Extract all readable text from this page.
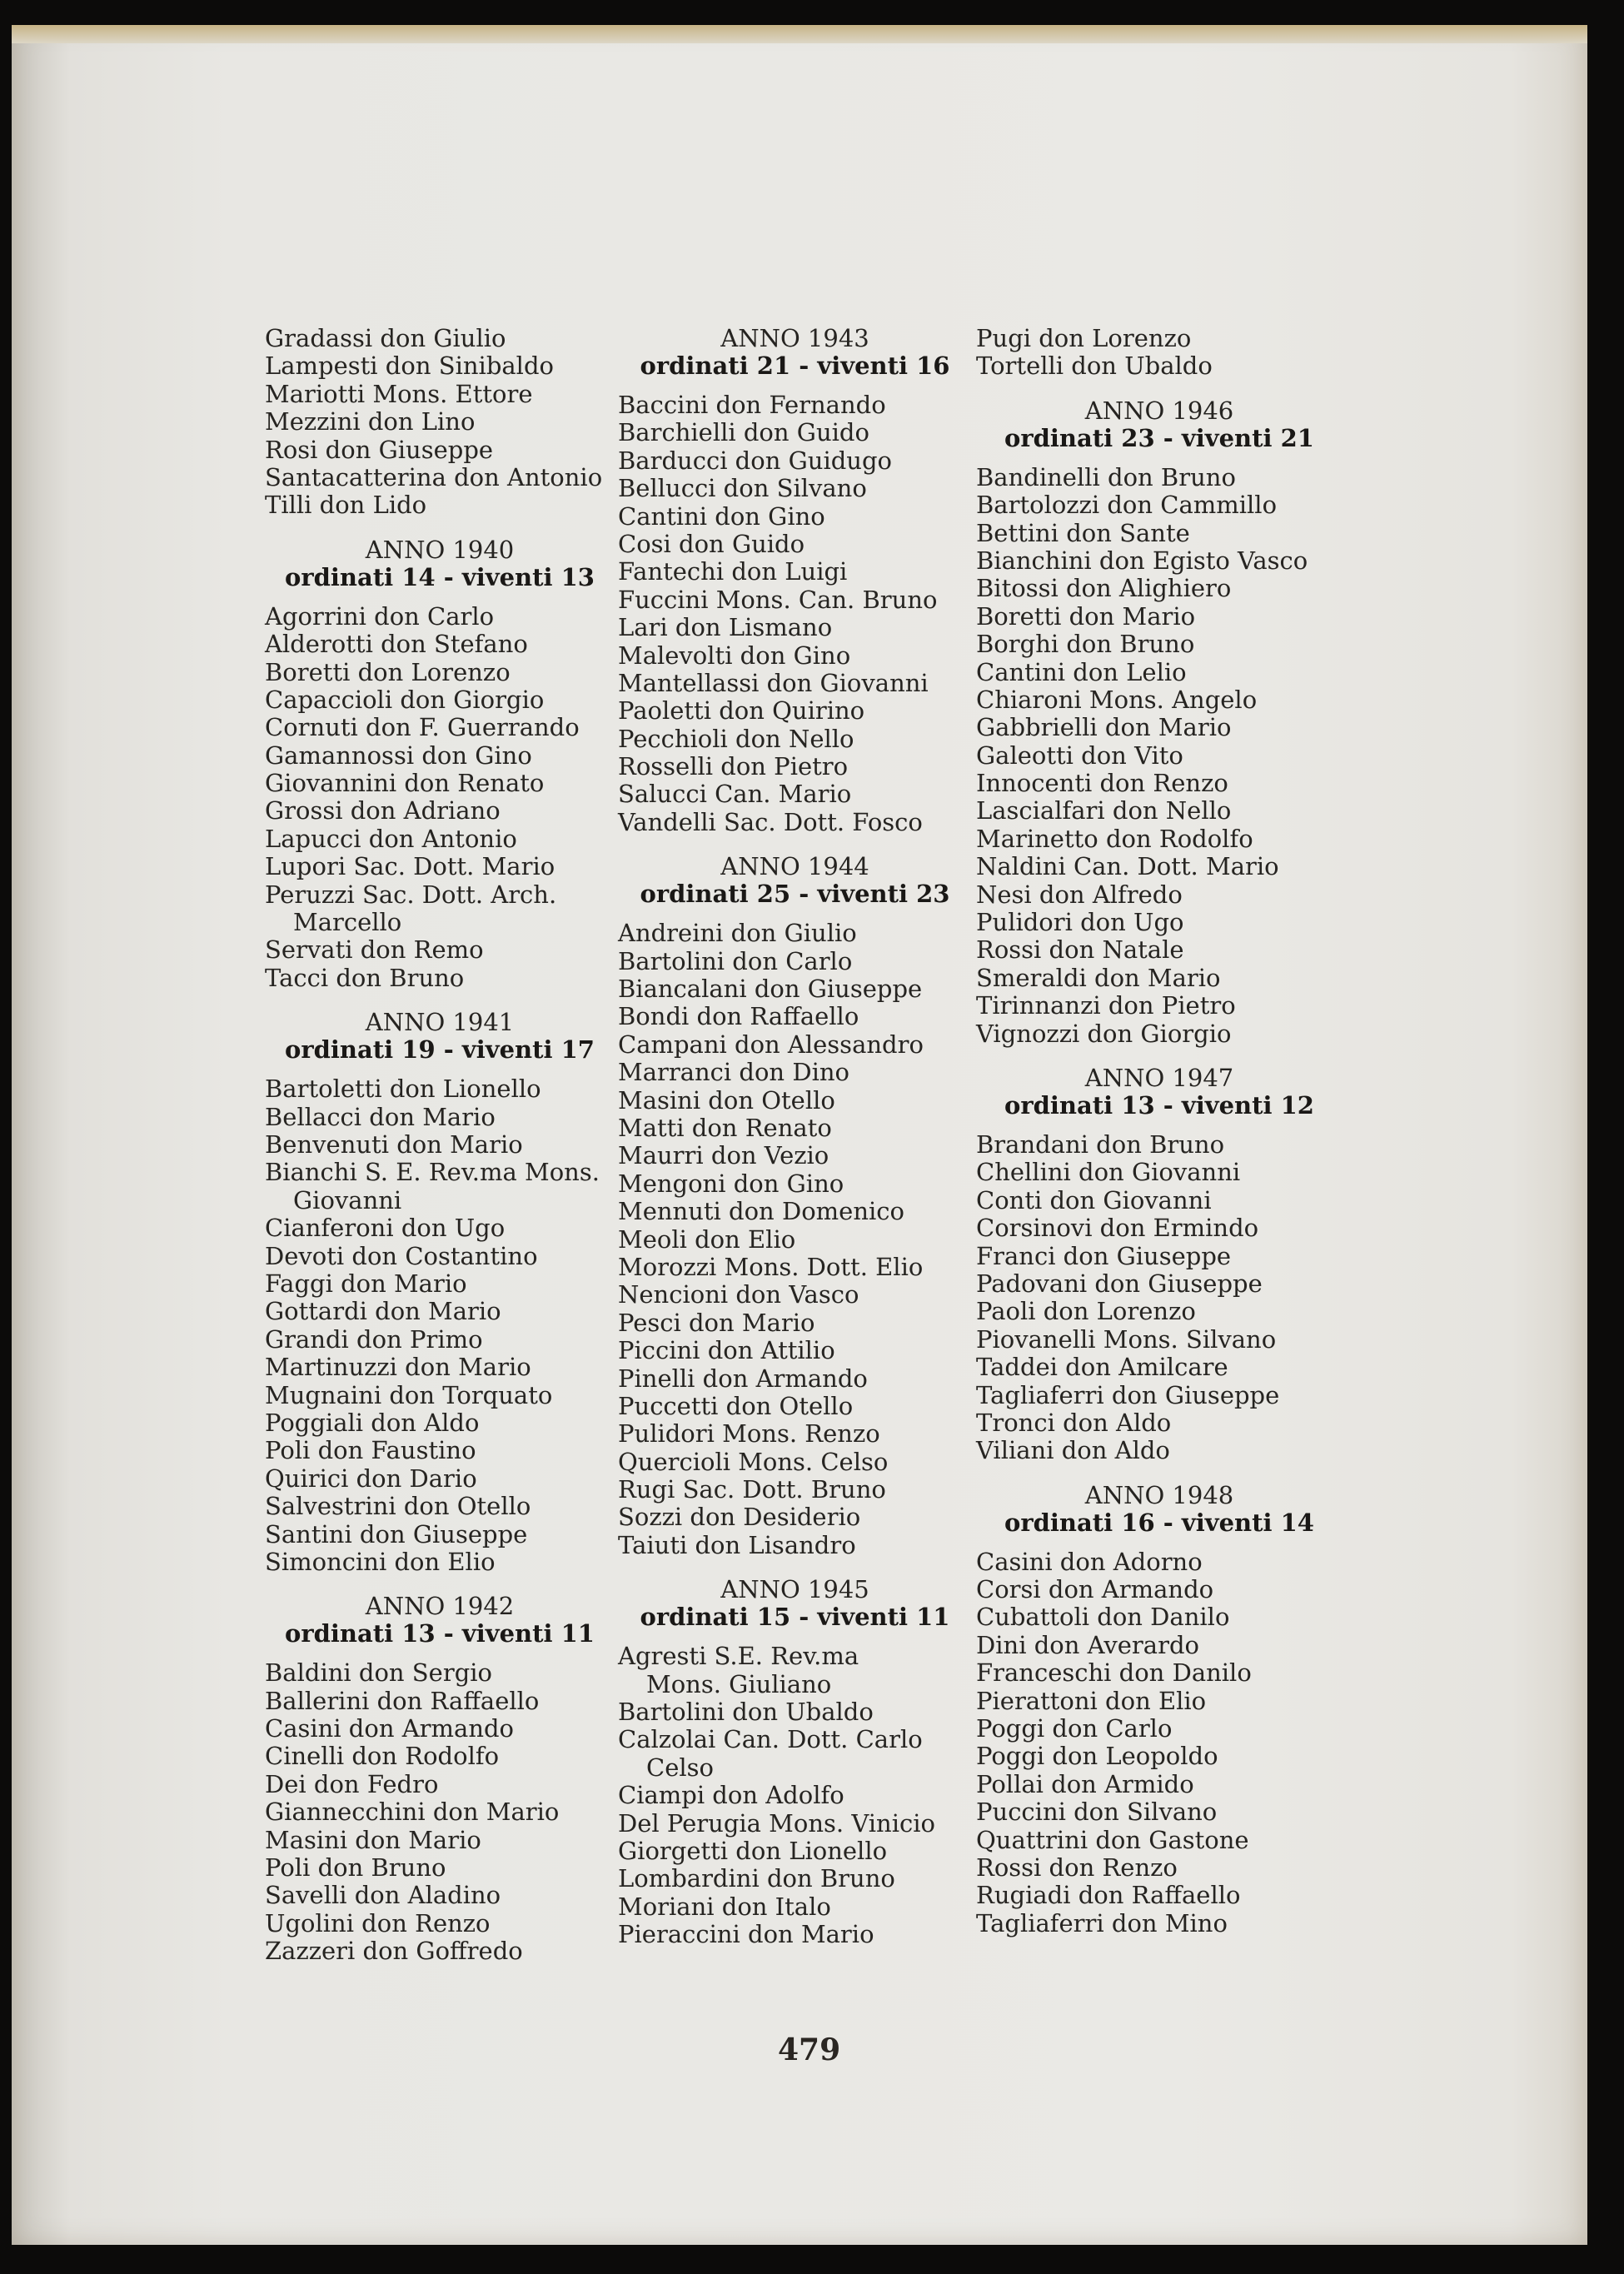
Gradassi don Giulio
Lampesti don Sinibaldo
Mariotti Mons. Ettore
Mezzini don Lino
Rosi don Giuseppe
Santacatterina don Antonio
Tilli don Lido
ANNO 1940
ordinati 14 - viventi 13
Agorrini don Carlo
Alderotti don Stefano
Boretti don Lorenzo
Capaccioli don Giorgio
Cornuti don F. Guerrando
Gamannossi don Gino
Giovannini don Renato
Grossi don Adriano
Lapucci don Antonio
Lupori Sac. Dott. Mario
Peruzzi Sac. Dott. Arch.
Marcello
Servati don Remo
Tacci don Bruno
ANNO 1941
ordinati 19 - viventi 17
Bartoletti don Lionello
Bellacci don Mario
Benvenuti don Mario
Bianchi S. E. Rev.ma Mons.
Giovanni
Cianferoni don Ugo
Devoti don Costantino
Faggi don Mario
Gottardi don Mario
Grandi don Primo
Martinuzzi don Mario
Mugnaini don Torquato
Poggiali don Aldo
Poli don Faustino
Quirici don Dario
Salvestrini don Otello
Santini don Giuseppe
Simoncini don Elio
ANNO 1942
ordinati 13 - viventi 11
Baldini don Sergio
Ballerini don Raffaello
Casini don Armando
Cinelli don Rodolfo
Dei don Fedro
Giannecchini don Mario
Masini don Mario
Poli don Bruno
Savelli don Aladino
Ugolini don Renzo
Zazzeri don Goffredo
ANNO 1943
ordinati 21 - viventi 16
Baccini don Fernando
Barchielli don Guido
Barducci don Guidugo
Bellucci don Silvano
Cantini don Gino
Cosi don Guido
Fantechi don Luigi
Fuccini Mons. Can. Bruno
Lari don Lismano
Malevolti don Gino
Mantellassi don Giovanni
Paoletti don Quirino
Pecchioli don Nello
Rosselli don Pietro
Salucci Can. Mario
Vandelli Sac. Dott. Fosco
ANNO 1944
ordinati 25 - viventi 23
Andreini don Giulio
Bartolini don Carlo
Biancalani don Giuseppe
Bondi don Raffaello
Campani don Alessandro
Marranci don Dino
Masini don Otello
Matti don Renato
Maurri don Vezio
Mengoni don Gino
Mennuti don Domenico
Meoli don Elio
Morozzi Mons. Dott. Elio
Nencioni don Vasco
Pesci don Mario
Piccini don Attilio
Pinelli don Armando
Puccetti don Otello
Pulidori Mons. Renzo
Quercioli Mons. Celso
Rugi Sac. Dott. Bruno
Sozzi don Desiderio
Taiuti don Lisandro
ANNO 1945
ordinati 15 - viventi 11
Agresti S.E. Rev.ma
Mons. Giuliano
Bartolini don Ubaldo
Calzolai Can. Dott. Carlo
Celso
Ciampi don Adolfo
Del Perugia Mons. Vinicio
Giorgetti don Lionello
Lombardini don Bruno
Moriani don Italo
Pieraccini don Mario
Pugi don Lorenzo
Tortelli don Ubaldo
ANNO 1946
ordinati 23 - viventi 21
Bandinelli don Bruno
Bartolozzi don Cammillo
Bettini don Sante
Bianchini don Egisto Vasco
Bitossi don Alighiero
Boretti don Mario
Borghi don Bruno
Cantini don Lelio
Chiaroni Mons. Angelo
Gabbrielli don Mario
Galeotti don Vito
Innocenti don Renzo
Lascialfari don Nello
Marinetto don Rodolfo
Naldini Can. Dott. Mario
Nesi don Alfredo
Pulidori don Ugo
Rossi don Natale
Smeraldi don Mario
Tirinnanzi don Pietro
Vignozzi don Giorgio
ANNO 1947
ordinati 13 - viventi 12
Brandani don Bruno
Chellini don Giovanni
Conti don Giovanni
Corsinovi don Ermindo
Franci don Giuseppe
Padovani don Giuseppe
Paoli don Lorenzo
Piovanelli Mons. Silvano
Taddei don Amilcare
Tagliaferri don Giuseppe
Tronci don Aldo
Viliani don Aldo
ANNO 1948
ordinati 16 - viventi 14
Casini don Adorno
Corsi don Armando
Cubattoli don Danilo
Dini don Averardo
Franceschi don Danilo
Pierattoni don Elio
Poggi don Carlo
Poggi don Leopoldo
Pollai don Armido
Puccini don Silvano
Quattrini don Gastone
Rossi don Renzo
Rugiadi don Raffaello
Tagliaferri don Mino
479
